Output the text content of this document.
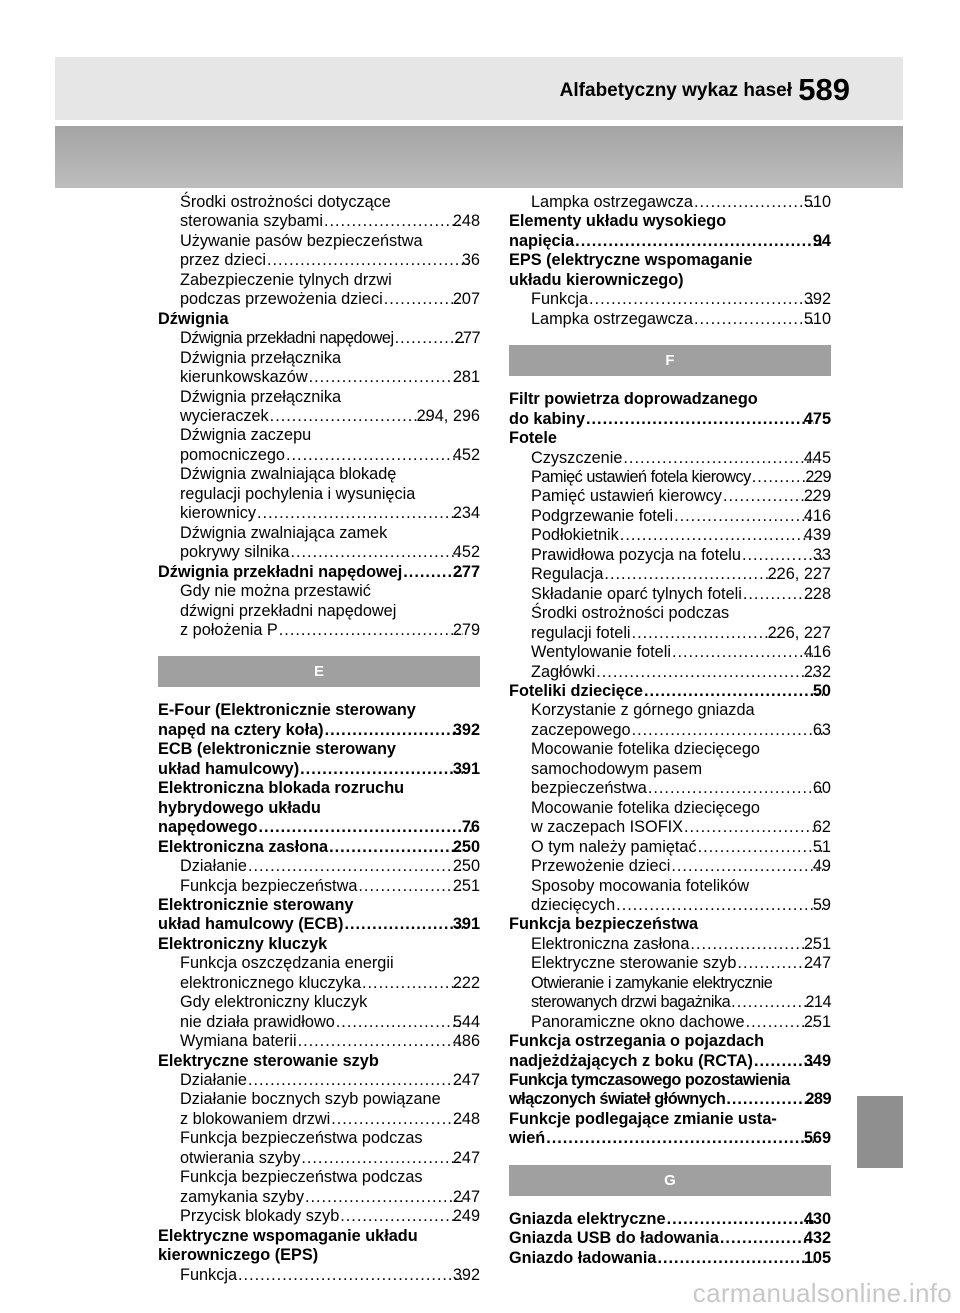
Alfabetyczny wykaz haseł 589
Środki ostrożności dotyczące
sterowania szybami .....	248
Używanie pasów bezpieczeństwa
przez dzieci .....	36
Zabezpieczenie tylnych drzwi
podczas przewożenia dzieci .....	207
Dźwignia
Dźwignia przekładni napędowej .....	277
Dźwignia przełącznika
kierunkowskazów .....	281
Dźwignia przełącznika
wycieraczek .....	294, 296
Dźwignia zaczepu
pomocniczego .....	452
Dźwignia zwalniająca blokadę
regulacji pochylenia i wysunięcia
kierownicy .....	234
Dźwignia zwalniająca zamek
pokrywy silnika .....	452
Dźwignia przekładni napędowej .....	277
Gdy nie można przestawić
dźwigni przekładni napędowej
z położenia P .....	279
E
E-Four (Elektronicznie sterowany
napęd na cztery koła) .....	392
ECB (elektronicznie sterowany
układ hamulcowy) .....	391
Elektroniczna blokada rozruchu
hybrydowego układu
napędowego .....	76
Elektroniczna zasłona .....	250
Działanie .....	250
Funkcja bezpieczeństwa .....	251
Elektronicznie sterowany
układ hamulcowy (ECB) .....	391
Elektroniczny kluczyk
Funkcja oszczędzania energii
elektronicznego kluczyka .....	222
Gdy elektroniczny kluczyk
nie działa prawidłowo .....	544
Wymiana baterii .....	486
Elektryczne sterowanie szyb
Działanie .....	247
Działanie bocznych szyb powiązane
z blokowaniem drzwi .....	248
Funkcja bezpieczeństwa podczas
otwierania szyby .....	247
Funkcja bezpieczeństwa podczas
zamykania szyby .....	247
Przycisk blokady szyb .....	249
Elektryczne wspomaganie układu
kierowniczego (EPS)
Funkcja .....	392
Lampka ostrzegawcza .....	510
Elementy układu wysokiego
napięcia .....	94
EPS (elektryczne wspomaganie
układu kierowniczego)
Funkcja .....	392
Lampka ostrzegawcza .....	510
F
Filtr powietrza doprowadzanego
do kabiny .....	475
Fotele
Czyszczenie .....	445
Pamięć ustawień fotela kierowcy .....	229
Pamięć ustawień kierowcy .....	229
Podgrzewanie foteli .....	416
Podłokietnik .....	439
Prawidłowa pozycja na fotelu .....	33
Regulacja .....	226, 227
Składanie oparć tylnych foteli .....	228
Środki ostrożności podczas
regulacji foteli .....	226, 227
Wentylowanie foteli .....	416
Zagłówki .....	232
Foteliki dziecięce .....	50
Korzystanie z górnego gniazda
zaczepowego .....	63
Mocowanie fotelika dziecięcego
samochodowym pasem
bezpieczeństwa .....	60
Mocowanie fotelika dziecięcego
w zaczepach ISOFIX .....	62
O tym należy pamiętać .....	51
Przewożenie dzieci .....	49
Sposoby mocowania fotelików
dziecięcych .....	59
Funkcja bezpieczeństwa
Elektroniczna zasłona .....	251
Elektryczne sterowanie szyb .....	247
Otwieranie i zamykanie elektrycznie
sterowanych drzwi bagażnika .....	214
Panoramiczne okno dachowe .....	251
Funkcja ostrzegania o pojazdach
nadjeżdżających z boku (RCTA) .....	349
Funkcja tymczasowego pozostawienia
włączonych świateł głównych .....	289
Funkcje podlegające zmianie usta-
wień .....	569
G
Gniazda elektryczne .....	430
Gniazda USB do ładowania .....	432
Gniazdo ładowania .....	105
carmanualsonline.info
